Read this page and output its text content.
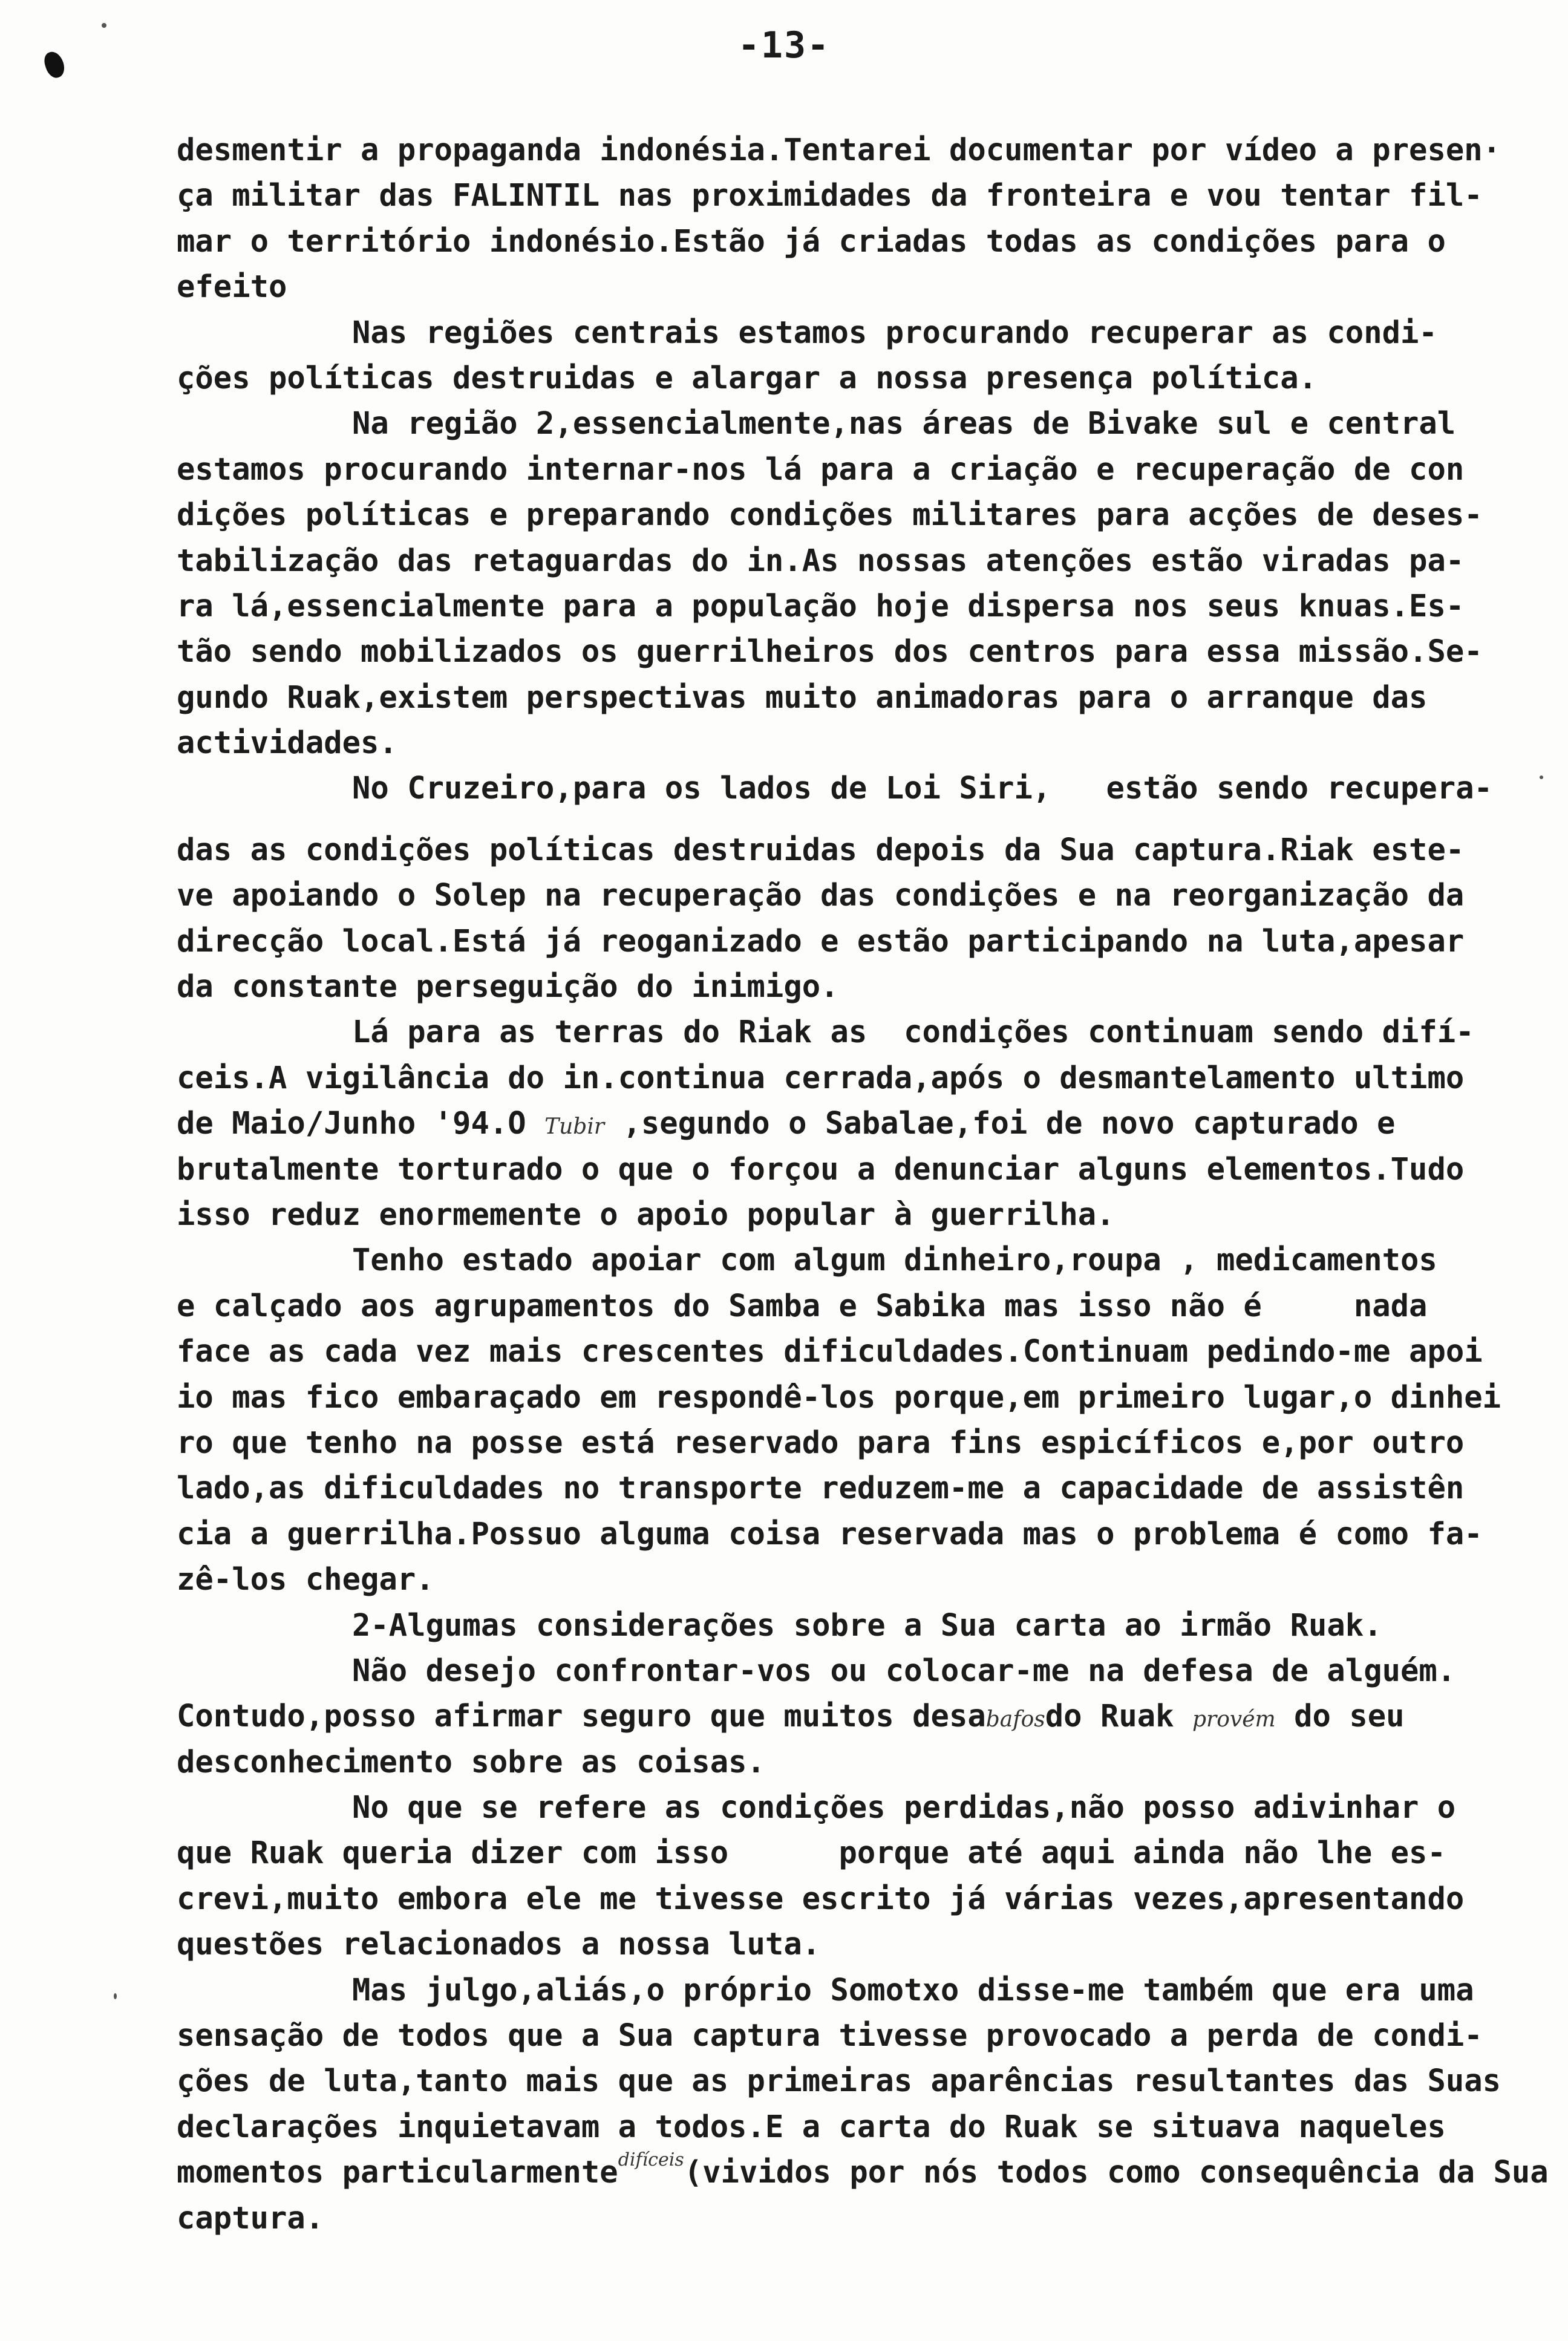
-13-
desmentir a propaganda indonésia.Tentarei documentar por vídeo a presen·
ça militar das FALINTIL nas proximidades da fronteira e vou tentar fil-
mar o território indonésio.Estão já criadas todas as condições para o
efeito
Nas regiões centrais estamos procurando recuperar as condi-
ções políticas destruidas e alargar a nossa presença política.
Na região 2,essencialmente,nas áreas de Bivake sul e central
estamos procurando internar-nos lá para a criação e recuperação de con
dições políticas e preparando condições militares para acções de deses-
tabilização das retaguardas do in.As nossas atenções estão viradas pa-
ra lá,essencialmente para a população hoje dispersa nos seus knuas.Es-
tão sendo mobilizados os guerrilheiros dos centros para essa missão.Se-
gundo Ruak,existem perspectivas muito animadoras para o arranque das
actividades.
No Cruzeiro,para os lados de Loi Siri,   estão sendo recupera-
das as condições políticas destruidas depois da Sua captura.Riak este-
ve apoiando o Solep na recuperação das condições e na reorganização da
direcção local.Está já reoganizado e estão participando na luta,apesar
da constante perseguição do inimigo.
Lá para as terras do Riak as  condições continuam sendo difí-
ceis.A vigilância do in.continua cerrada,após o desmantelamento ultimo
de Maio/Junho '94.O Tubir ,segundo o Sabalae,foi de novo capturado e
brutalmente torturado o que o forçou a denunciar alguns elementos.Tudo
isso reduz enormemente o apoio popular à guerrilha.
Tenho estado apoiar com algum dinheiro,roupa , medicamentos
e calçado aos agrupamentos do Samba e Sabika mas isso não é     nada
face as cada vez mais crescentes dificuldades.Continuam pedindo-me apoi
io mas fico embaraçado em respondê-los porque,em primeiro lugar,o dinhei
ro que tenho na posse está reservado para fins espicíficos e,por outro
lado,as dificuldades no transporte reduzem-me a capacidade de assistên
cia a guerrilha.Possuo alguma coisa reservada mas o problema é como fa-
zê-los chegar.
2-Algumas considerações sobre a Sua carta ao irmão Ruak.
Não desejo confrontar-vos ou colocar-me na defesa de alguém.
Contudo,posso afirmar seguro que muitos desabafosdo Ruak provém do seu
desconhecimento sobre as coisas.
No que se refere as condições perdidas,não posso adivinhar o
que Ruak queria dizer com isso      porque até aqui ainda não lhe es-
crevi,muito embora ele me tivesse escrito já várias vezes,apresentando
questões relacionados a nossa luta.
Mas julgo,aliás,o próprio Somotxo disse-me também que era uma
sensação de todos que a Sua captura tivesse provocado a perda de condi-
ções de luta,tanto mais que as primeiras aparências resultantes das Suas
declarações inquietavam a todos.E a carta do Ruak se situava naqueles
momentos particularmente$^{difíceis}$(vividos por nós todos como consequência da Sua
captura.
